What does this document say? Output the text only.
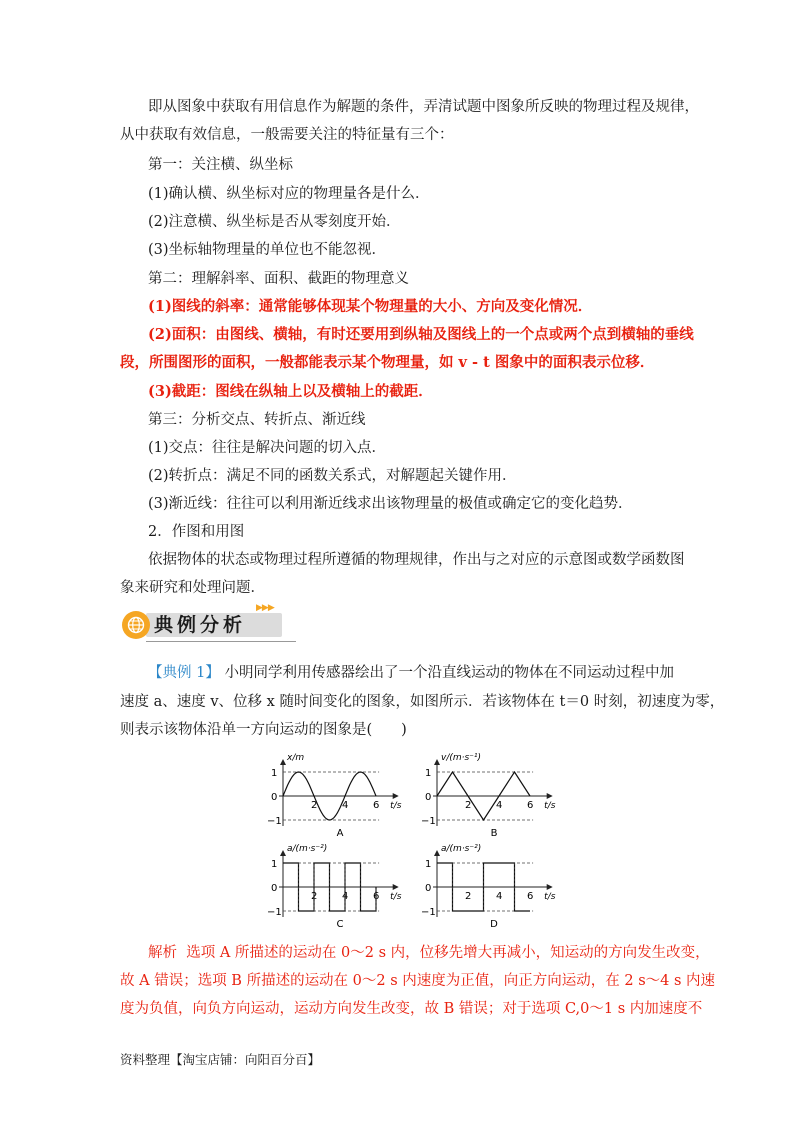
即从图象中获取有用信息作为解题的条件，弄清试题中图象所反映的物理过程及规律，
从中获取有效信息，一般需要关注的特征量有三个：
第一：关注横、纵坐标
(1)确认横、纵坐标对应的物理量各是什么．
(2)注意横、纵坐标是否从零刻度开始．
(3)坐标轴物理量的单位也不能忽视．
第二：理解斜率、面积、截距的物理意义
(1)图线的斜率：通常能够体现某个物理量的大小、方向及变化情况．
(2)面积：由图线、横轴，有时还要用到纵轴及图线上的一个点或两个点到横轴的垂线
段，所围图形的面积，一般都能表示某个物理量，如 v - t 图象中的面积表示位移．
(3)截距：图线在纵轴上以及横轴上的截距．
第三：分析交点、转折点、渐近线
(1)交点：往往是解决问题的切入点．
(2)转折点：满足不同的函数关系式，对解题起关键作用．
(3)渐近线：往往可以利用渐近线求出该物理量的极值或确定它的变化趋势．
2．作图和用图
依据物体的状态或物理过程所遵循的物理规律，作出与之对应的示意图或数学函数图
象来研究和处理问题．
典例分析
▶▶▶
【典例 1】 小明同学利用传感器绘出了一个沿直线运动的物体在不同运动过程中加
速度 a、速度 v、位移 x 随时间变化的图象，如图所示．若该物体在 t＝0 时刻，初速度为零，
则表示该物体沿单一方向运动的图象是(　　)
1
0
−1
2 4 6
x/m
t/s
A
1
0
−1
2 4 6
v/(m·s⁻¹)
t/s
B
1
0
−1
2 4 6
a/(m·s⁻²)
t/s
C
1
0
−1
2 4 6
a/(m·s⁻²)
t/s
D
解析 选项 A 所描述的运动在 0～2 s 内，位移先增大再减小，知运动的方向发生改变，
故 A 错误；选项 B 所描述的运动在 0～2 s 内速度为正值，向正方向运动，在 2 s～4 s 内速
度为负值，向负方向运动，运动方向发生改变，故 B 错误；对于选项 C,0～1 s 内加速度不
资料整理【淘宝店铺：向阳百分百】
